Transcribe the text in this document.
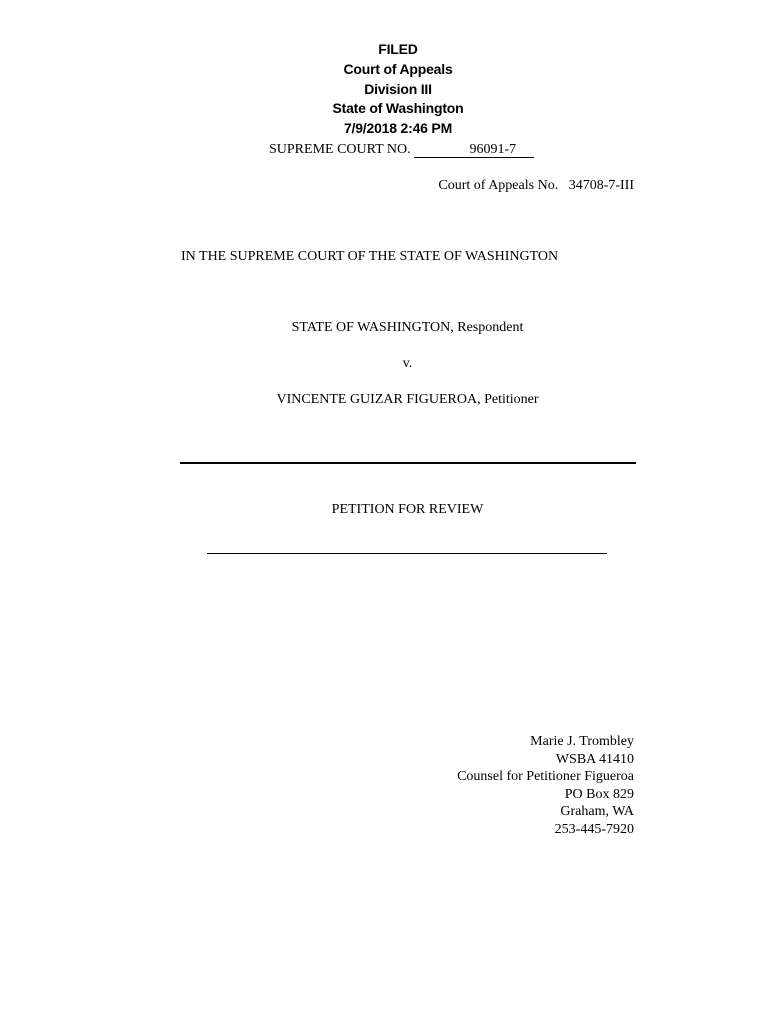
FILED
Court of Appeals
Division III
State of Washington
7/9/2018 2:46 PM
SUPREME COURT NO.	96091-7
Court of Appeals No. 34708-7-III
IN THE SUPREME COURT OF THE STATE OF WASHINGTON
STATE OF WASHINGTON, Respondent
v.
VINCENTE GUIZAR FIGUEROA, Petitioner
PETITION FOR REVIEW
Marie J. Trombley
WSBA 41410
Counsel for Petitioner Figueroa
PO Box 829
Graham, WA
253-445-7920
